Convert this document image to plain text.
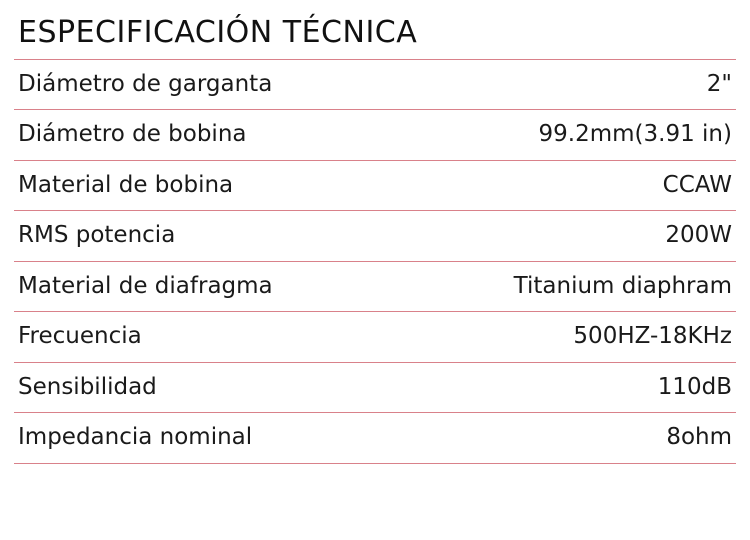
ESPECIFICACIÓN TÉCNICA
Diámetro de garganta	2"
Diámetro de bobina	99.2mm(3.91 in)
Material de bobina	CCAW
RMS potencia	200W
Material de diafragma	Titanium diaphram
Frecuencia	500HZ-18KHz
Sensibilidad	110dB
Impedancia nominal	8ohm
